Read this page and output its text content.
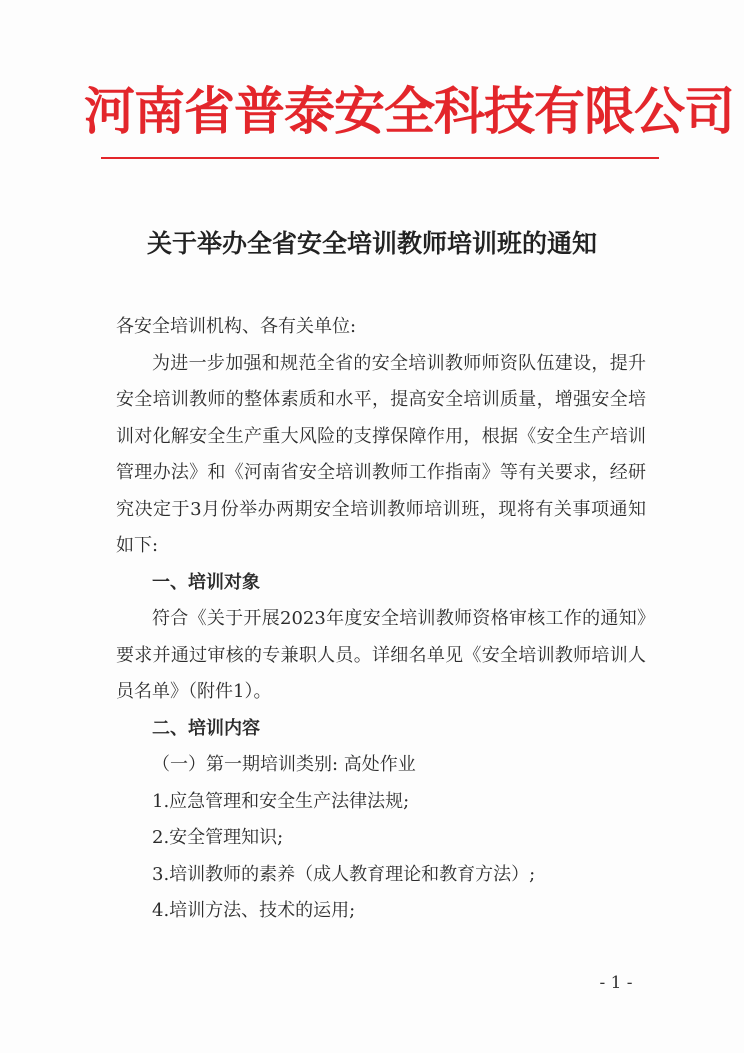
河南省普泰安全科技有限公司
关于举办全省安全培训教师培训班的通知

各安全培训机构、各有关单位:

为进一步加强和规范全省的安全培训教师师资队伍建设，提升安全培训教师的整体素质和水平，提高安全培训质量，增强安全培训对化解安全生产重大风险的支撑保障作用，根据《安全生产培训管理办法》和《河南省安全培训教师工作指南》等有关要求，经研究决定于3月份举办两期安全培训教师培训班，现将有关事项通知如下:

一、培训对象

符合《关于开展2023年度安全培训教师资格审核工作的通知》要求并通过审核的专兼职人员。详细名单见《安全培训教师培训人员名单》（附件1）。

二、培训内容

（一）第一期培训类别: 高处作业

1.应急管理和安全生产法律法规;

2.安全管理知识;

3.培训教师的素养（成人教育理论和教育方法）;

4.培训方法、技术的运用;

- 1 -
